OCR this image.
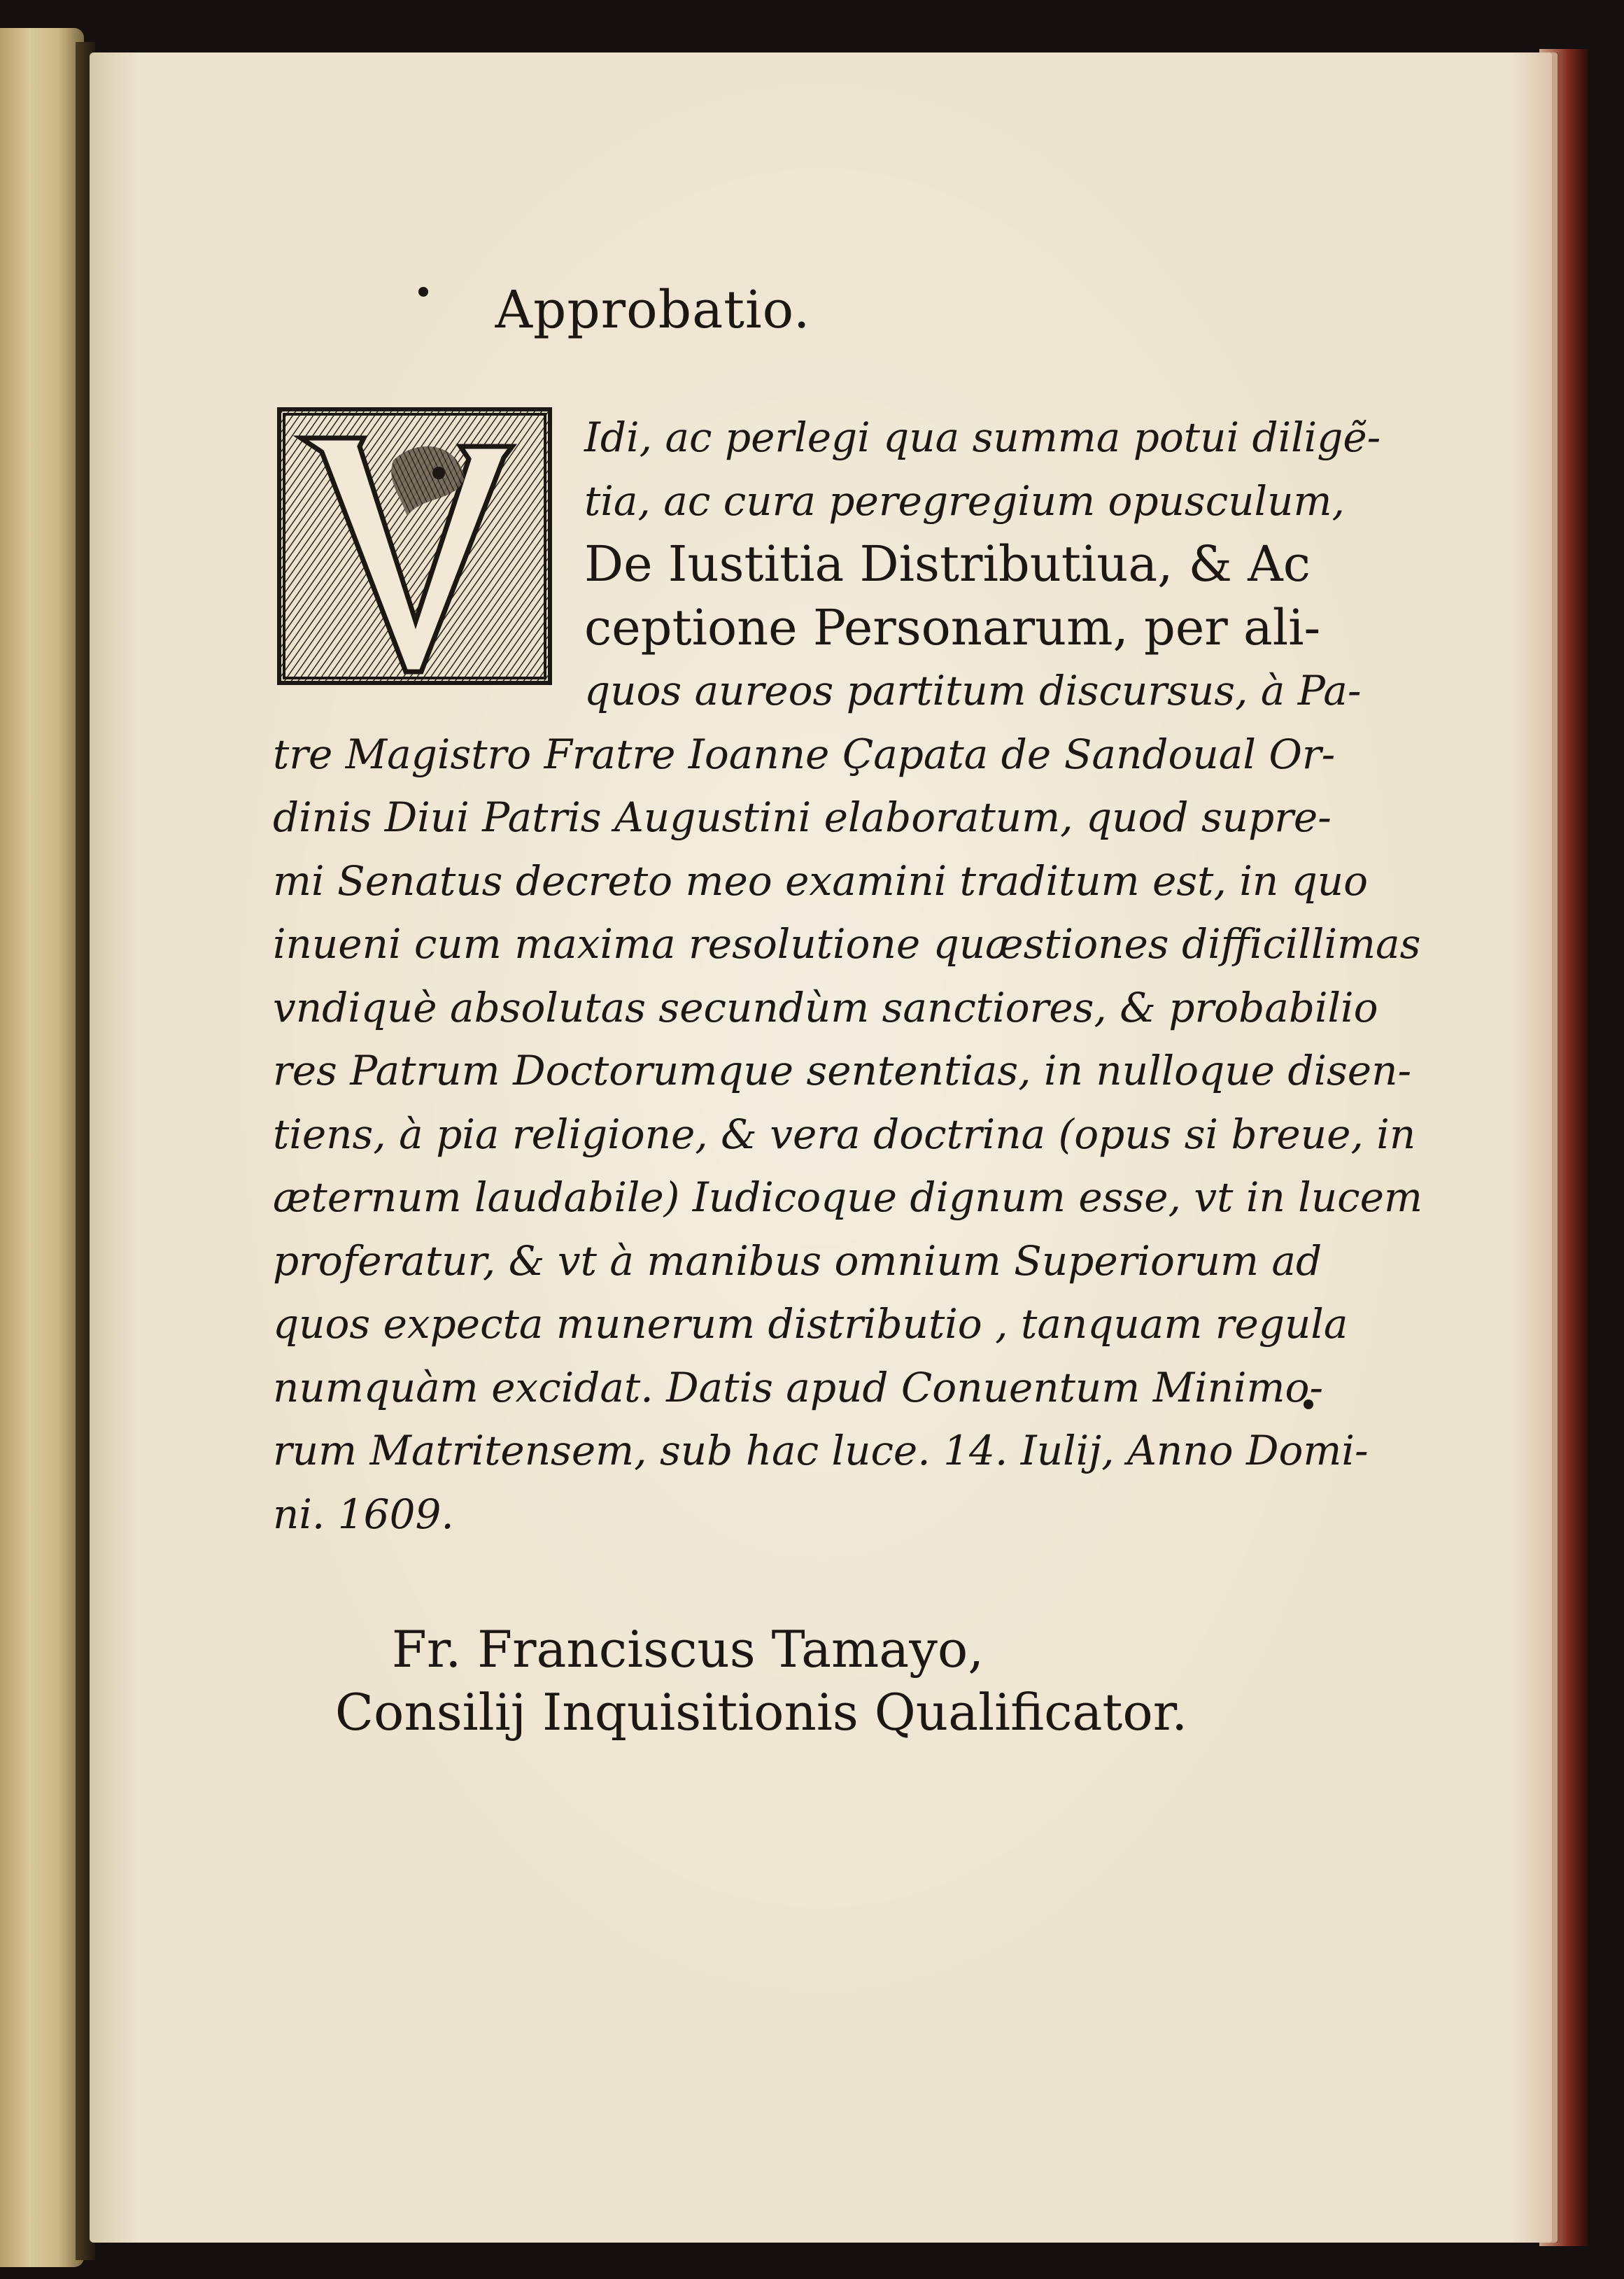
Approbatio.
Idi, ac perlegi qua summa potui diligẽ-
tia, ac cura peregregium opusculum,
De Iustitia Distributiua, & Ac
ceptione Personarum, per ali-
quos aureos partitum discursus, à Pa-
tre Magistro Fratre Ioanne Çapata de Sandoual Or-
dinis Diui Patris Augustini elaboratum, quod supre-
mi Senatus decreto meo examini traditum est, in quo
inueni cum maxima resolutione quæstiones difficillimas
vndiquè absolutas secundùm sanctiores, & probabilio
res Patrum Doctorumque sententias, in nulloque disen-
tiens, à pia religione, & vera doctrina (opus si breue, in
æternum laudabile) Iudicoque dignum esse, vt in lucem
proferatur, & vt à manibus omnium Superiorum ad
quos expecta munerum distributio , tanquam regula
numquàm excidat. Datis apud Conuentum Minimo-
rum Matritensem, sub hac luce. 14. Iulij, Anno Domi-
ni. 1609.
Fr. Franciscus Tamayo,
Consilij Inquisitionis Qualificator.
